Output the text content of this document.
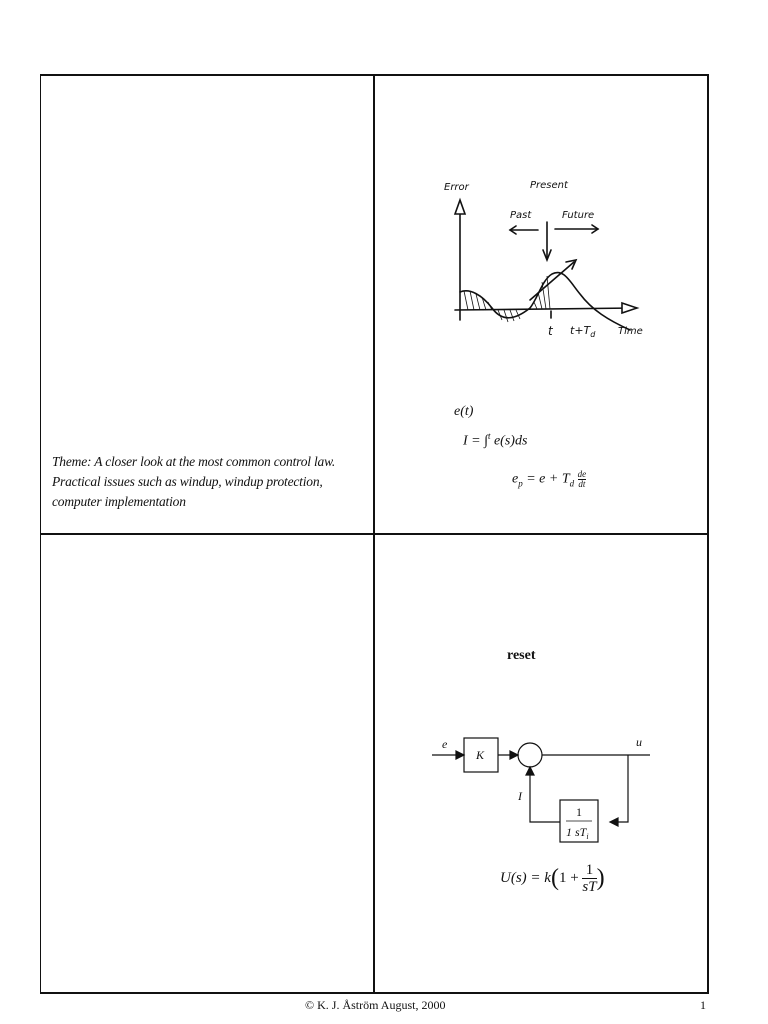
Theme: A closer look at the most common control law. Practical issues such as windup, windup protection, computer implementation
Error	Present
Past	Future
t $t+T_d$ Time
e(t)
I = ∫$^t$ e(s)ds
$e_p = e + T_d \frac{de}{dt}$
reset
e
K
u
I
1
1 $sT_i$
$U(s) = k(1 + \frac{1}{sT}$ )
© K. J. Åström August, 2000	1
